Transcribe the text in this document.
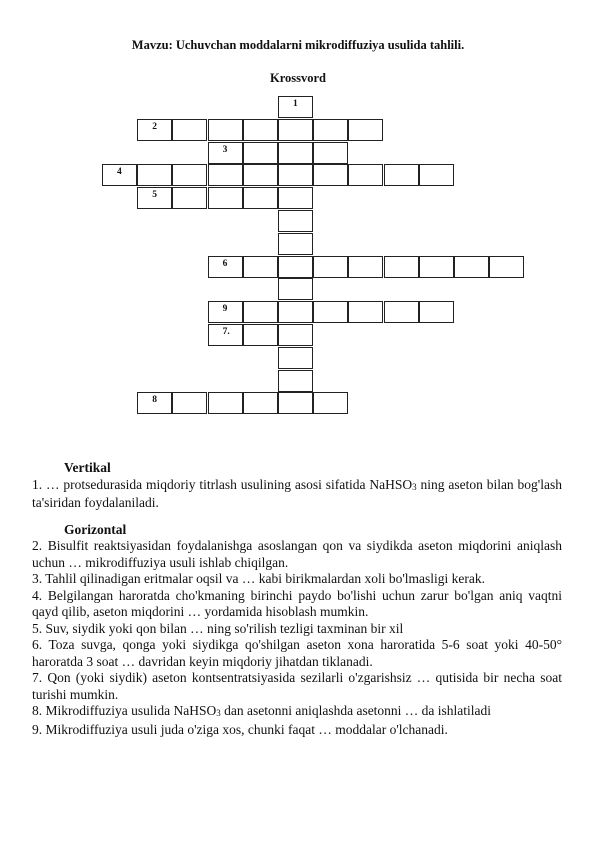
Mavzu: Uchuvchan moddalarni mikrodiffuziya usulida tahlili.
Krossvord
1
2
3
4
5
6
9
7.
8
Vertikal

1. … protsedurasida miqdoriy titrlash usulining asosi sifatida NaHSO3 ning aseton bilan bog'lash ta'siridan foydalaniladi.

Gorizontal

2. Bisulfit reaktsiyasidan foydalanishga asoslangan qon va siydikda aseton miqdorini aniqlash uchun … mikrodiffuziya usuli ishlab chiqilgan.

3. Tahlil qilinadigan eritmalar oqsil va … kabi birikmalardan xoli bo'lmasligi kerak.

4. Belgilangan haroratda cho'kmaning birinchi paydo bo'lishi uchun zarur bo'lgan aniq vaqtni qayd qilib, aseton miqdorini … yordamida hisoblash mumkin.

5. Suv, siydik yoki qon bilan … ning so'rilish tezligi taxminan bir xil

6. Toza suvga, qonga yoki siydikga qo'shilgan aseton xona haroratida 5-6 soat yoki 40-50° haroratda 3 soat … davridan keyin miqdoriy jihatdan tiklanadi.

7. Qon (yoki siydik) aseton kontsentratsiyasida sezilarli o'zgarishsiz … qutisida bir necha soat turishi mumkin.

8. Mikrodiffuziya usulida NaHSO3 dan asetonni aniqlashda asetonni … da ishlatiladi

9. Mikrodiffuziya usuli juda o'ziga xos, chunki faqat … moddalar o'lchanadi.
